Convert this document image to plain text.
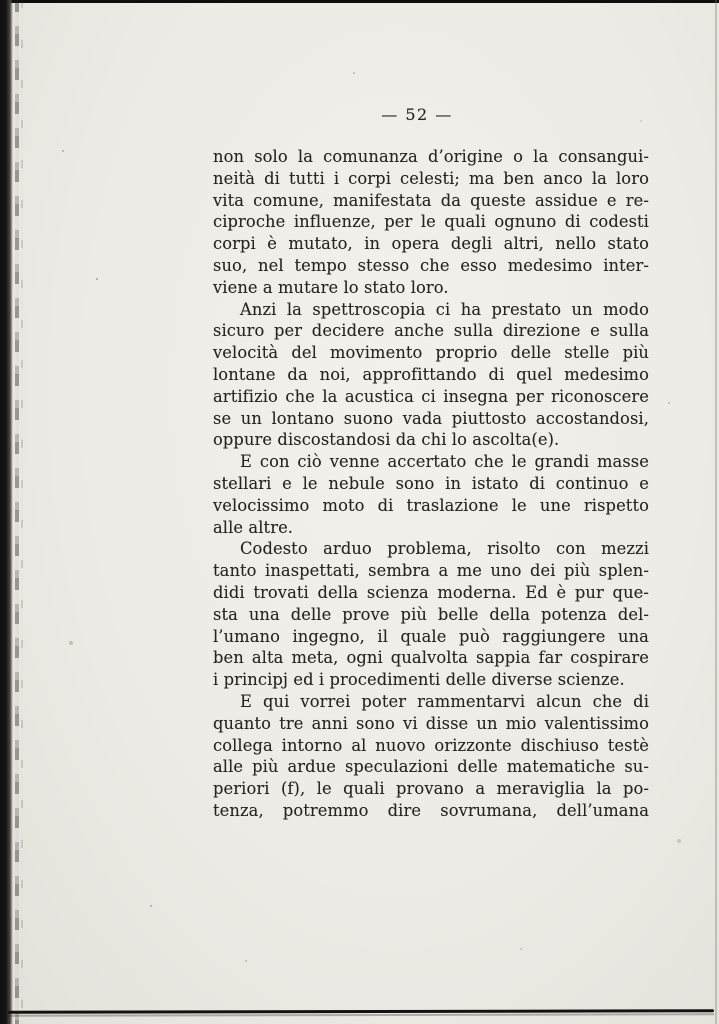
— 52 —
non solo la comunanza d’origine o la consangui-
neità di tutti i corpi celesti; ma ben anco la loro
vita comune, manifestata da queste assidue e re-
ciproche influenze, per le quali ognuno di codesti
corpi è mutato, in opera degli altri, nello stato
suo, nel tempo stesso che esso medesimo inter-
viene a mutare lo stato loro.
Anzi la spettroscopia ci ha prestato un modo
sicuro per decidere anche sulla direzione e sulla
velocità del movimento proprio delle stelle più
lontane da noi, approfittando di quel medesimo
artifizio che la acustica ci insegna per riconoscere
se un lontano suono vada piuttosto accostandosi,
oppure discostandosi da chi lo ascolta(e).
E con ciò venne accertato che le grandi masse
stellari e le nebule sono in istato di continuo e
velocissimo moto di traslazione le une rispetto
alle altre.
Codesto arduo problema, risolto con mezzi
tanto inaspettati, sembra a me uno dei più splen-
didi trovati della scienza moderna. Ed è pur que-
sta una delle prove più belle della potenza del-
l’umano ingegno, il quale può raggiungere una
ben alta meta, ogni qualvolta sappia far cospirare
i principj ed i procedimenti delle diverse scienze.
E qui vorrei poter rammentarvi alcun che di
quanto tre anni sono vi disse un mio valentissimo
collega intorno al nuovo orizzonte dischiuso testè
alle più ardue speculazioni delle matematiche su-
periori (f), le quali provano a meraviglia la po-
tenza, potremmo dire sovrumana, dell’umana
